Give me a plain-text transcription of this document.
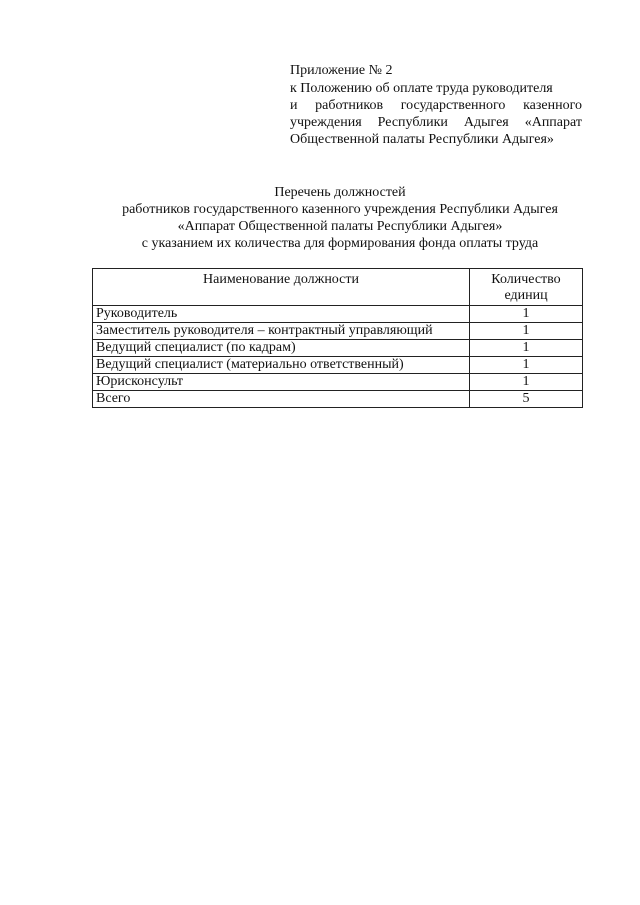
Приложение № 2
к Положению об оплате труда руководителя
и работников государственного казенного
учреждения Республики Адыгея «Аппарат
Общественной палаты Республики Адыгея»
Перечень должностей
работников государственного казенного учреждения Республики Адыгея
«Аппарат Общественной палаты Республики Адыгея»
с указанием их количества для формирования фонда оплаты труда
Наименование должности	Количество
единиц
Руководитель	1
Заместитель руководителя – контрактный управляющий	1
Ведущий специалист (по кадрам)	1
Ведущий специалист (материально ответственный)	1
Юрисконсульт	1
Всего	5
